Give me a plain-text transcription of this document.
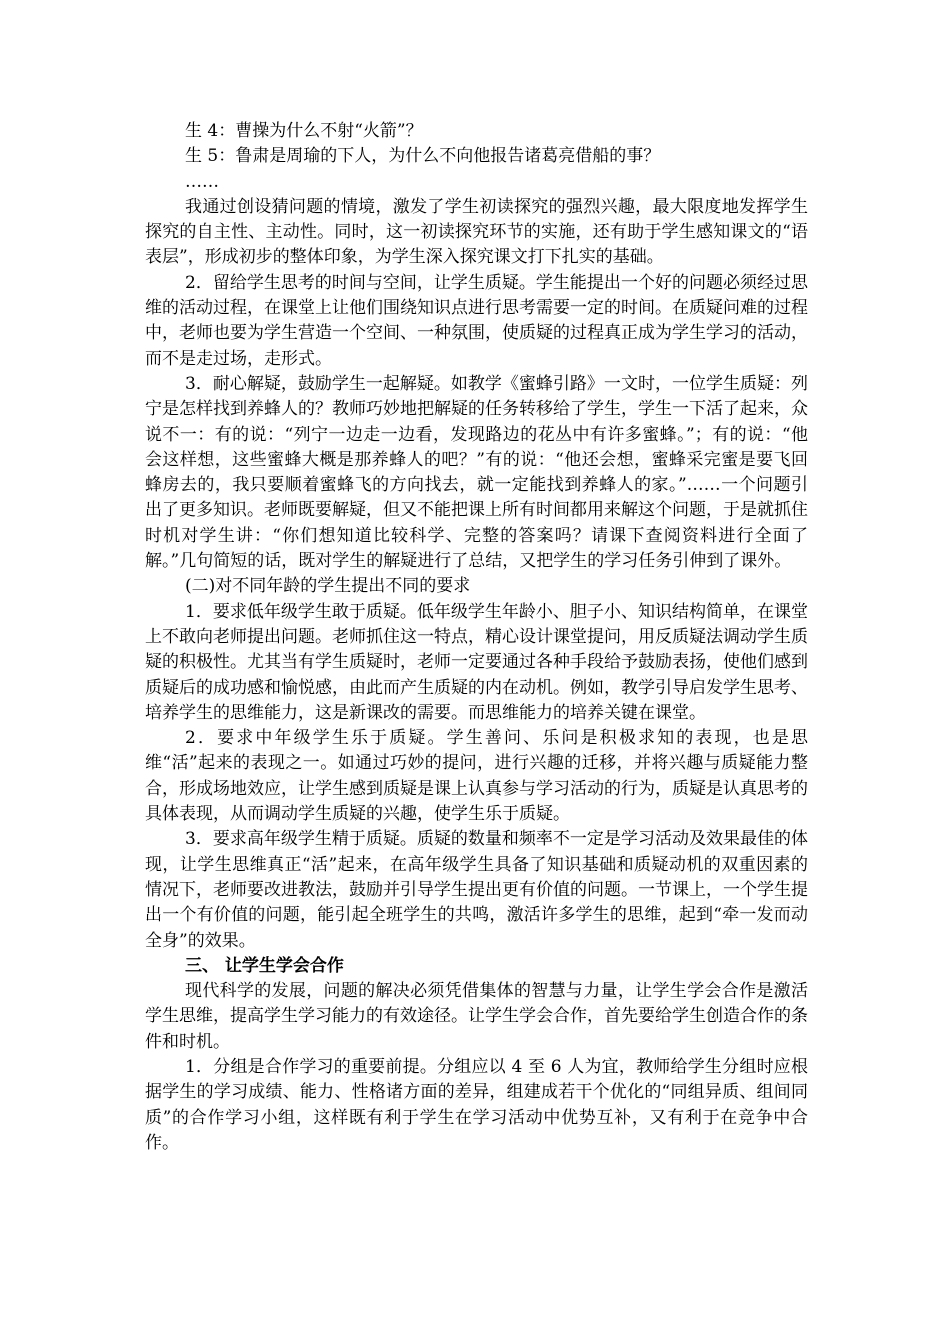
生 4：曹操为什么不射“火箭”？

生 5：鲁肃是周瑜的下人，为什么不向他报告诸葛亮借船的事？

……

我通过创设猜问题的情境，激发了学生初读探究的强烈兴趣，最大限度地发挥学生探究的自主性、主动性。同时，这一初读探究环节的实施，还有助于学生感知课文的“语表层”，形成初步的整体印象，为学生深入探究课文打下扎实的基础。

2．留给学生思考的时间与空间，让学生质疑。学生能提出一个好的问题必须经过思维的活动过程，在课堂上让他们围绕知识点进行思考需要一定的时间。在质疑问难的过程中，老师也要为学生营造一个空间、一种氛围，使质疑的过程真正成为学生学习的活动，而不是走过场，走形式。

3．耐心解疑，鼓励学生一起解疑。如教学《蜜蜂引路》一文时，一位学生质疑：列宁是怎样找到养蜂人的？教师巧妙地把解疑的任务转移给了学生，学生一下活了起来，众说不一：有的说：“列宁一边走一边看，发现路边的花丛中有许多蜜蜂。”；有的说：“他会这样想，这些蜜蜂大概是那养蜂人的吧？”有的说：“他还会想，蜜蜂采完蜜是要飞回蜂房去的，我只要顺着蜜蜂飞的方向找去，就一定能找到养蜂人的家。”……一个问题引出了更多知识。老师既要解疑，但又不能把课上所有时间都用来解这个问题，于是就抓住时机对学生讲：“你们想知道比较科学、完整的答案吗？请课下查阅资料进行全面了解。”几句简短的话，既对学生的解疑进行了总结，又把学生的学习任务引伸到了课外。

(二)对不同年龄的学生提出不同的要求

1．要求低年级学生敢于质疑。低年级学生年龄小、胆子小、知识结构简单，在课堂上不敢向老师提出问题。老师抓住这一特点，精心设计课堂提问，用反质疑法调动学生质疑的积极性。尤其当有学生质疑时，老师一定要通过各种手段给予鼓励表扬，使他们感到质疑后的成功感和愉悦感，由此而产生质疑的内在动机。例如，教学引导启发学生思考、培养学生的思维能力，这是新课改的需要。而思维能力的培养关键在课堂。

2．要求中年级学生乐于质疑。学生善问、乐问是积极求知的表现，也是思维“活”起来的表现之一。如通过巧妙的提问，进行兴趣的迁移，并将兴趣与质疑能力整合，形成场地效应，让学生感到质疑是课上认真参与学习活动的行为，质疑是认真思考的具体表现，从而调动学生质疑的兴趣，使学生乐于质疑。

3．要求高年级学生精于质疑。质疑的数量和频率不一定是学习活动及效果最佳的体现，让学生思维真正“活”起来，在高年级学生具备了知识基础和质疑动机的双重因素的情况下，老师要改进教法，鼓励并引导学生提出更有价值的问题。一节课上，一个学生提出一个有价值的问题，能引起全班学生的共鸣，激活许多学生的思维，起到“牵一发而动全身”的效果。

三、 让学生学会合作

现代科学的发展，问题的解决必须凭借集体的智慧与力量，让学生学会合作是激活学生思维，提高学生学习能力的有效途径。让学生学会合作，首先要给学生创造合作的条件和时机。

1．分组是合作学习的重要前提。分组应以 4 至 6 人为宜，教师给学生分组时应根据学生的学习成绩、能力、性格诸方面的差异，组建成若干个优化的“同组异质、组间同质”的合作学习小组，这样既有利于学生在学习活动中优势互补，又有利于在竞争中合作。
